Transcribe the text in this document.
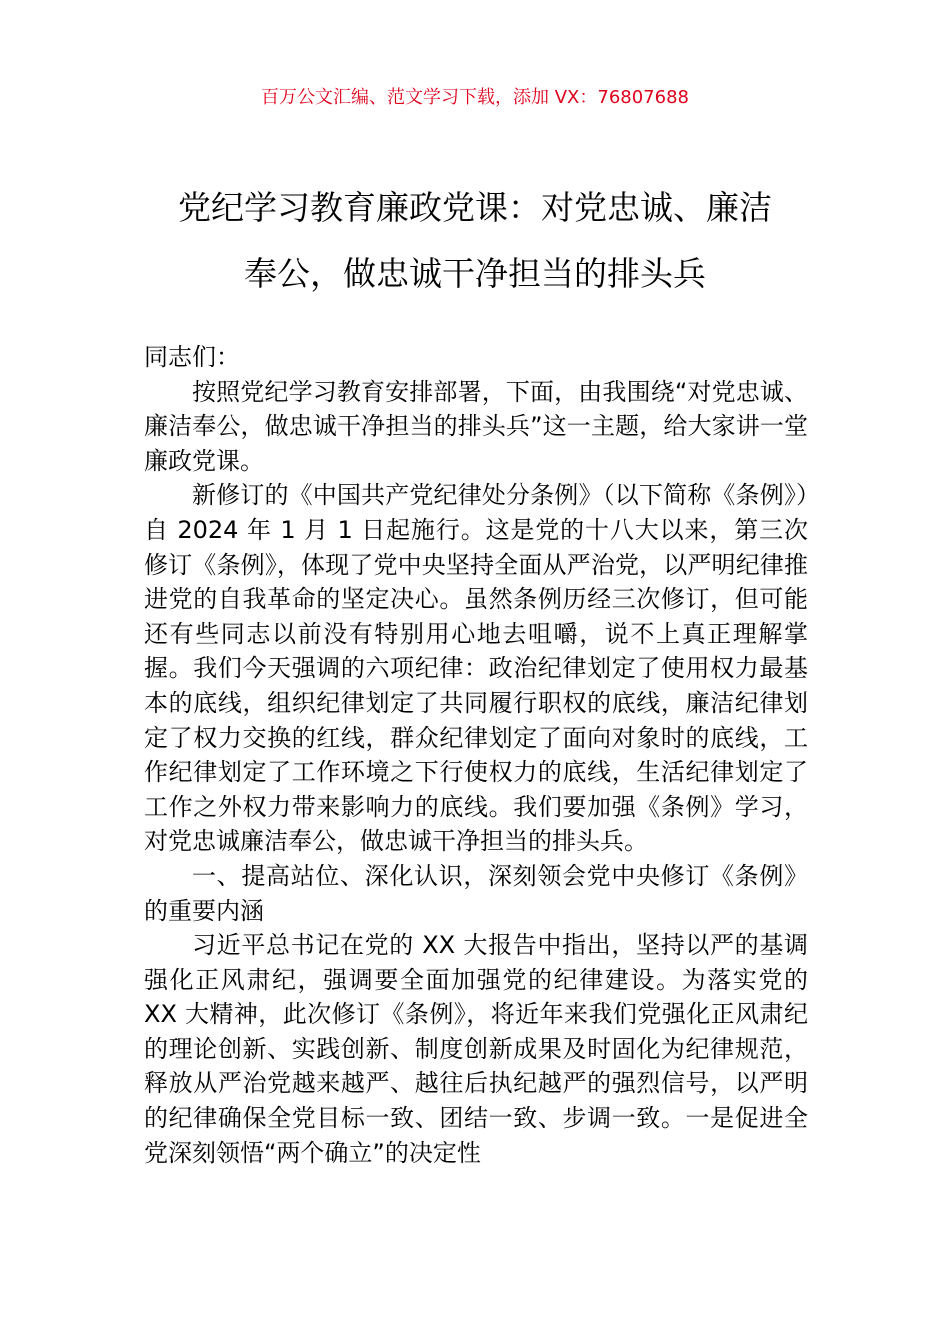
百万公文汇编、范文学习下载，添加 VX：76807688
党纪学习教育廉政党课：对党忠诚、廉洁
奉公，做忠诚干净担当的排头兵

同志们：

按照党纪学习教育安排部署，下面，由我围绕“对党忠诚、廉洁奉公，做忠诚干净担当的排头兵”这一主题，给大家讲一堂廉政党课。

新修订的《中国共产党纪律处分条例》（以下简称《条例》）自 2024 年 1 月 1 日起施行。这是党的十八大以来，第三次修订《条例》，体现了党中央坚持全面从严治党，以严明纪律推进党的自我革命的坚定决心。虽然条例历经三次修订，但可能还有些同志以前没有特别用心地去咀嚼，说不上真正理解掌握。我们今天强调的六项纪律：政治纪律划定了使用权力最基本的底线，组织纪律划定了共同履行职权的底线，廉洁纪律划定了权力交换的红线，群众纪律划定了面向对象时的底线，工作纪律划定了工作环境之下行使权力的底线，生活纪律划定了工作之外权力带来影响力的底线。我们要加强《条例》学习，对党忠诚廉洁奉公，做忠诚干净担当的排头兵。

一、提高站位、深化认识，深刻领会党中央修订《条例》的重要内涵

习近平总书记在党的 XX 大报告中指出，坚持以严的基调强化正风肃纪，强调要全面加强党的纪律建设。为落实党的 XX 大精神，此次修订《条例》，将近年来我们党强化正风肃纪的理论创新、实践创新、制度创新成果及时固化为纪律规范，释放从严治党越来越严、越往后执纪越严的强烈信号，以严明的纪律确保全党目标一致、团结一致、步调一致。一是促进全党深刻领悟“两个确立”的决定性
